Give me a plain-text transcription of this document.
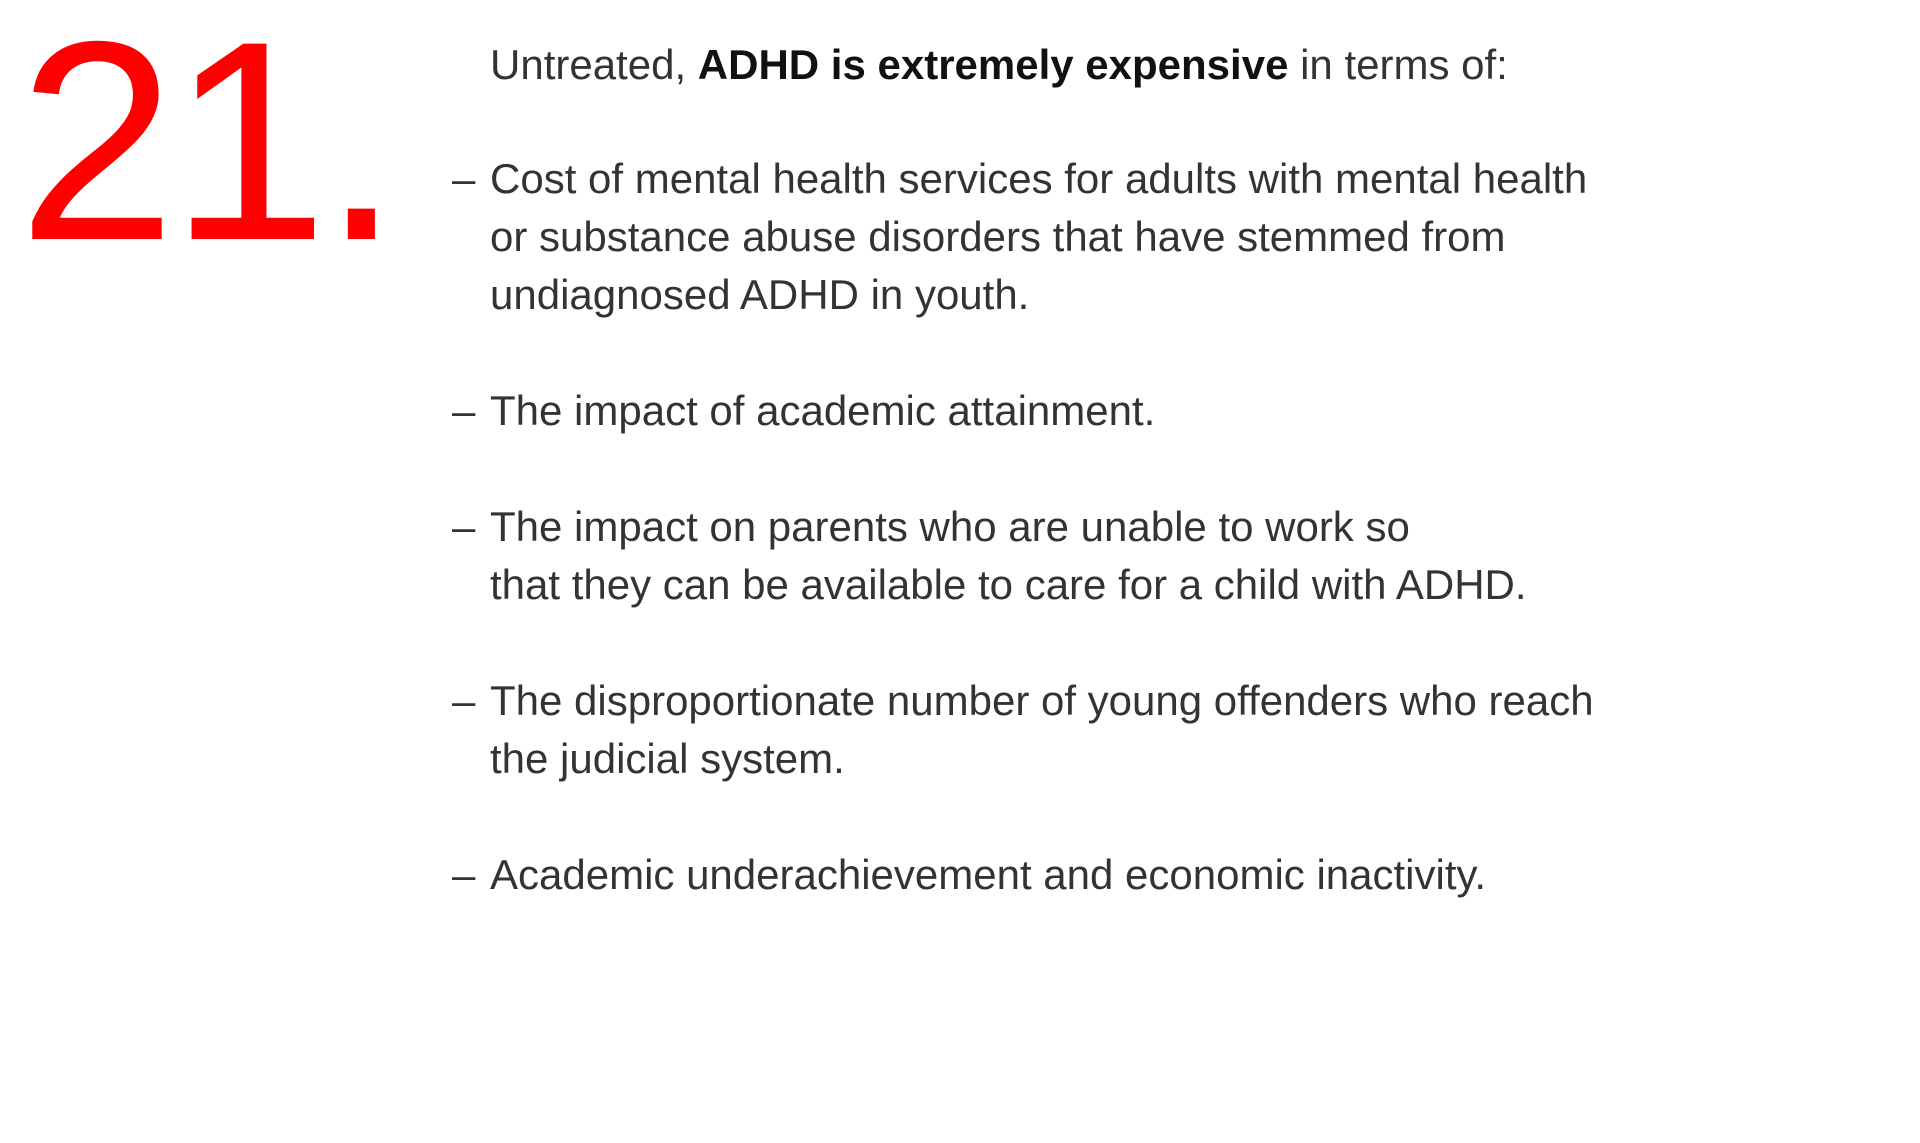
21. Untreated, ADHD is extremely expensive in terms of:

– Cost of mental health services for adults with mental health
or substance abuse disorders that have stemmed from
undiagnosed ADHD in youth.
– The impact of academic attainment.
– The impact on parents who are unable to work so
that they can be available to care for a child with ADHD.
– The disproportionate number of young offenders who reach
the judicial system.
– Academic underachievement and economic inactivity.
